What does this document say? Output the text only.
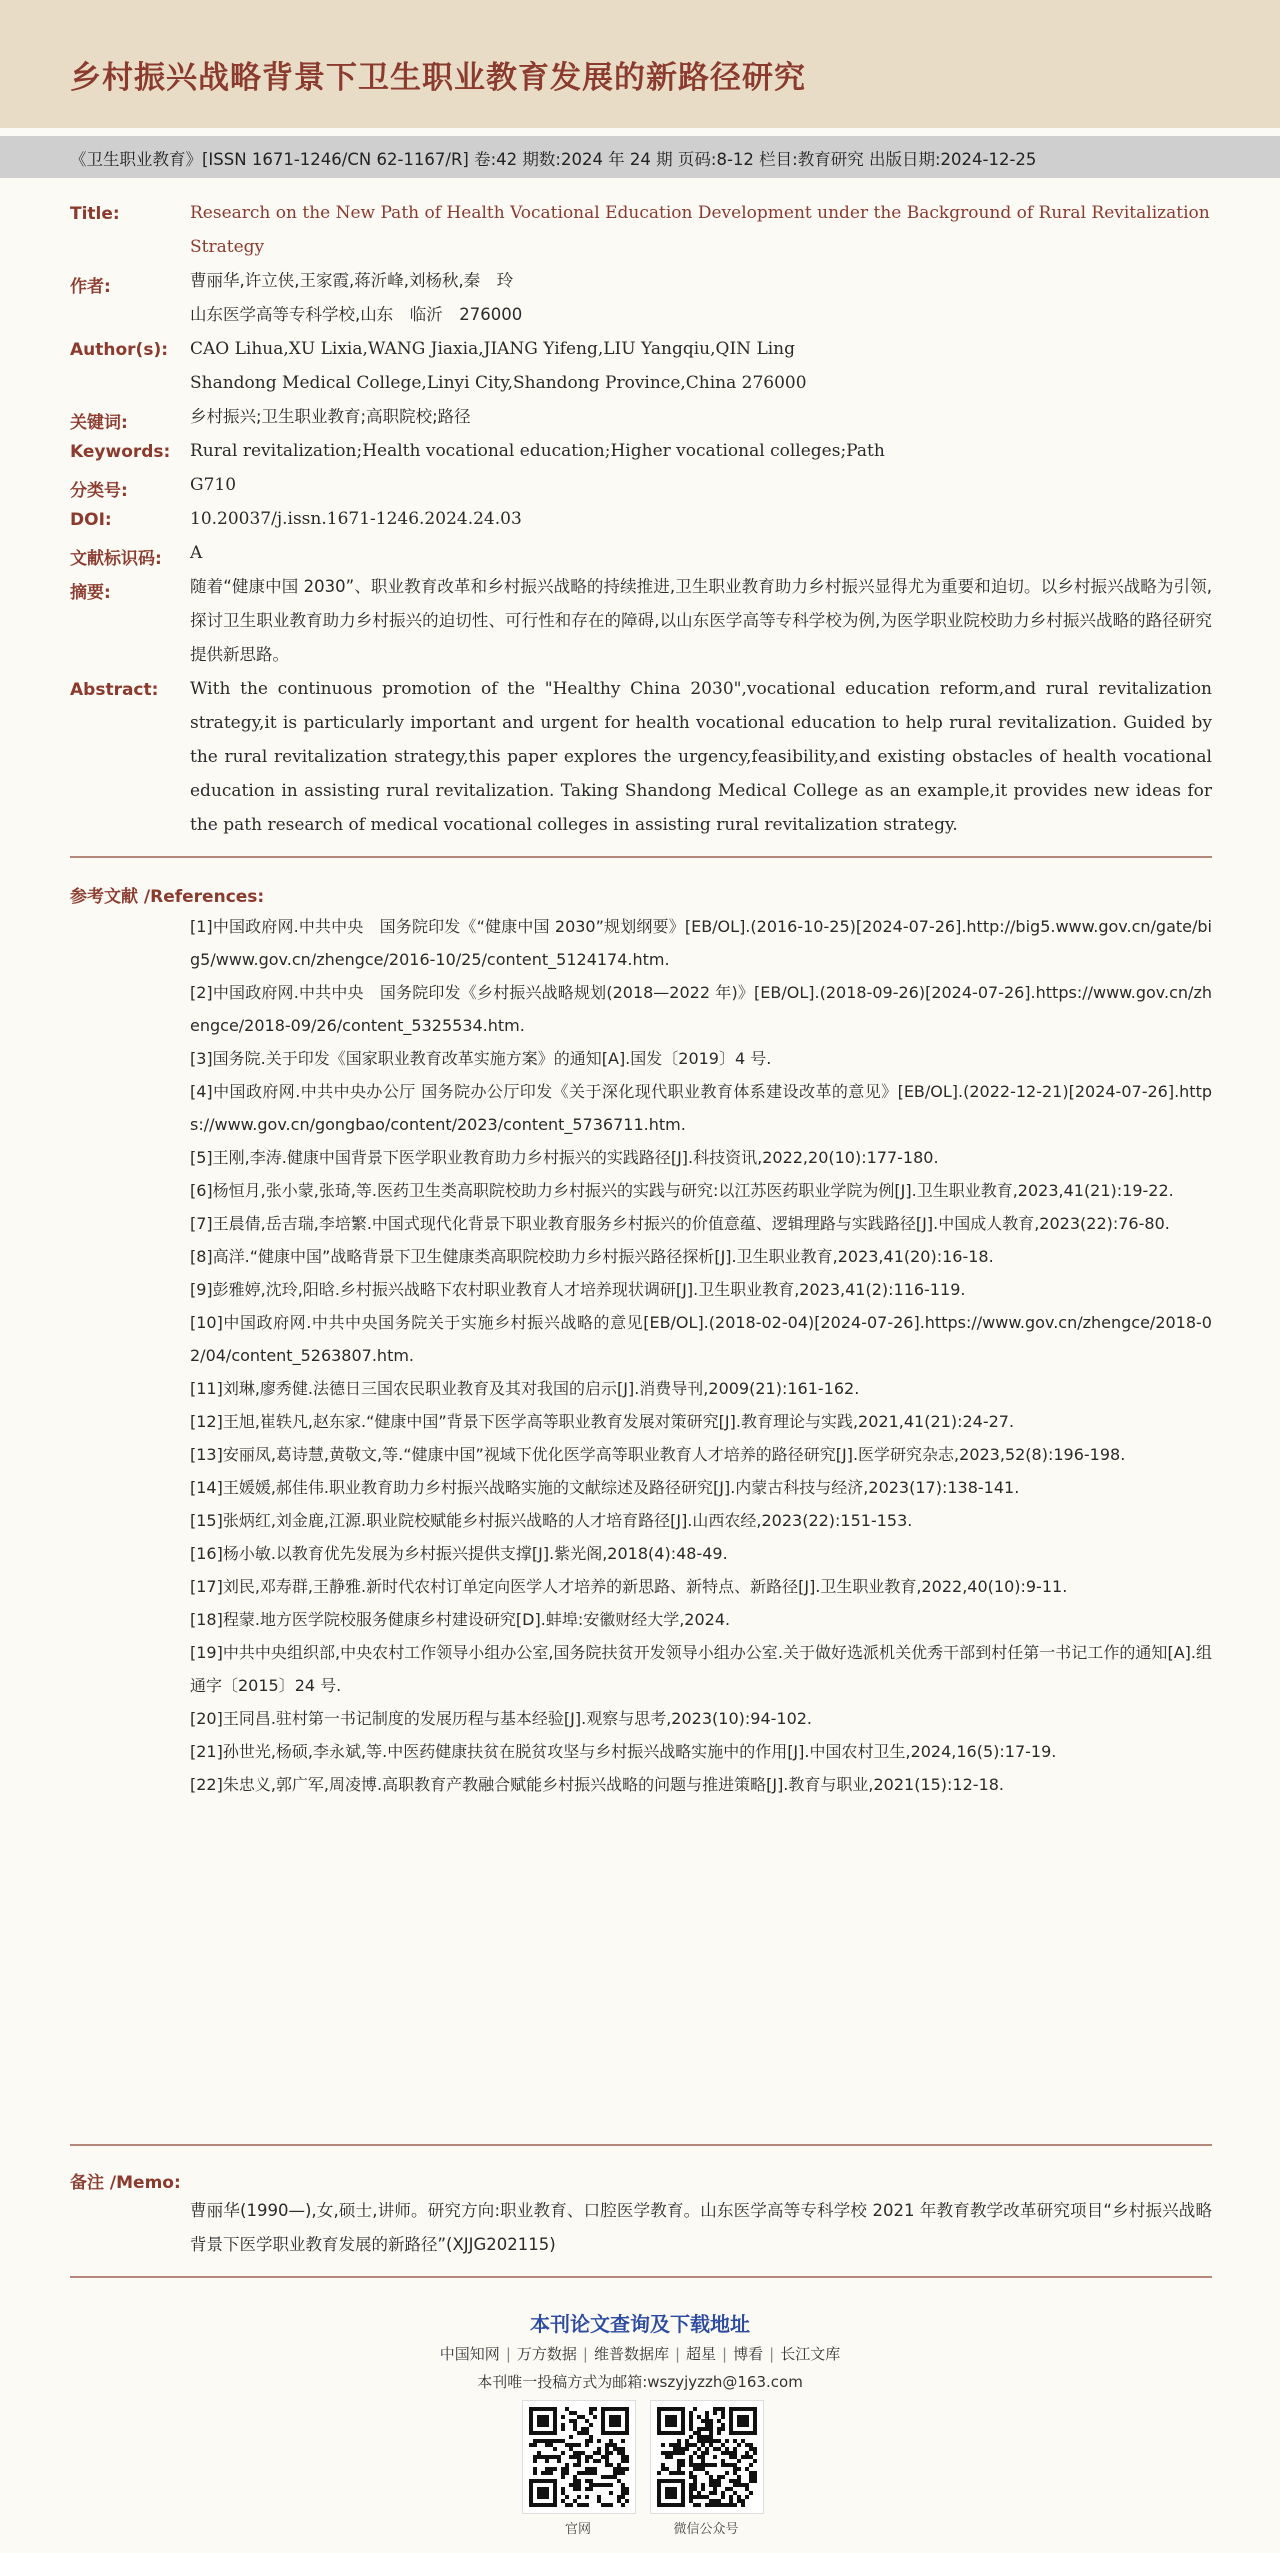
乡村振兴战略背景下卫生职业教育发展的新路径研究
《卫生职业教育》[ISSN 1671-1246/CN 62-1167/R] 卷:42 期数:2024 年 24 期 页码:8-12 栏目:教育研究 出版日期:2024-12-25
Title:	Research on the New Path of Health Vocational Education Development under the Background of Rural Revitalization Strategy
作者:	曹丽华,许立侠,王家霞,蒋沂峰,刘杨秋,秦　玲
山东医学高等专科学校,山东　临沂　276000
Author(s): CAO Lihua,XU Lixia,WANG Jiaxia,JIANG Yifeng,LIU Yangqiu,QIN Ling
Shandong Medical College,Linyi City,Shandong Province,China 276000
关键词:	乡村振兴;卫生职业教育;高职院校;路径
Keywords: Rural revitalization;Health vocational education;Higher vocational colleges;Path
分类号:	G710
DOI:	10.20037/j.issn.1671-1246.2024.24.03
文献标识码: A
摘要:	随着“健康中国 2030”、职业教育改革和乡村振兴战略的持续推进,卫生职业教育助力乡村振兴显得尤为重要和迫切。以乡村振兴战略为引领,探讨卫生职业教育助力乡村振兴的迫切性、可行性和存在的障碍,以山东医学高等专科学校为例,为医学职业院校助力乡村振兴战略的路径研究提供新思路。
Abstract: With the continuous promotion of the "Healthy China 2030",vocational education reform,and rural revitalization strategy,it is particularly important and urgent for health vocational education to help rural revitalization. Guided by the rural revitalization strategy,this paper explores the urgency,feasibility,and existing obstacles of health vocational education in assisting rural revitalization. Taking Shandong Medical College as an example,it provides new ideas for the path research of medical vocational colleges in assisting rural revitalization strategy.
参考文献 /References:
[1]中国政府网.中共中央　国务院印发《“健康中国 2030”规划纲要》[EB/OL].(2016-10-25)[2024-07-26].http://big5.www.gov.cn/gate/big5/www.gov.cn/zhengce/2016-10/25/content_5124174.htm.
[2]中国政府网.中共中央　国务院印发《乡村振兴战略规划(2018—2022 年)》[EB/OL].(2018-09-26)[2024-07-26].https://www.gov.cn/zhengce/2018-09/26/content_5325534.htm.
[3]国务院.关于印发《国家职业教育改革实施方案》的通知[A].国发〔2019〕4 号.
[4]中国政府网.中共中央办公厅 国务院办公厅印发《关于深化现代职业教育体系建设改革的意见》[EB/OL].(2022-12-21)[2024-07-26].https://www.gov.cn/gongbao/content/2023/content_5736711.htm.
[5]王刚,李涛.健康中国背景下医学职业教育助力乡村振兴的实践路径[J].科技资讯,2022,20(10):177-180.
[6]杨恒月,张小蒙,张琦,等.医药卫生类高职院校助力乡村振兴的实践与研究:以江苏医药职业学院为例[J].卫生职业教育,2023,41(21):19-22.
[7]王晨倩,岳吉瑞,李培繁.中国式现代化背景下职业教育服务乡村振兴的价值意蕴、逻辑理路与实践路径[J].中国成人教育,2023(22):76-80.
[8]高洋.“健康中国”战略背景下卫生健康类高职院校助力乡村振兴路径探析[J].卫生职业教育,2023,41(20):16-18.
[9]彭雅婷,沈玲,阳晗.乡村振兴战略下农村职业教育人才培养现状调研[J].卫生职业教育,2023,41(2):116-119.
[10]中国政府网.中共中央国务院关于实施乡村振兴战略的意见[EB/OL].(2018-02-04)[2024-07-26].https://www.gov.cn/zhengce/2018-02/04/content_5263807.htm.
[11]刘琳,廖秀健.法德日三国农民职业教育及其对我国的启示[J].消费导刊,2009(21):161-162.
[12]王旭,崔轶凡,赵东家.“健康中国”背景下医学高等职业教育发展对策研究[J].教育理论与实践,2021,41(21):24-27.
[13]安丽凤,葛诗慧,黄敬文,等.“健康中国”视域下优化医学高等职业教育人才培养的路径研究[J].医学研究杂志,2023,52(8):196-198.
[14]王媛媛,郝佳伟.职业教育助力乡村振兴战略实施的文献综述及路径研究[J].内蒙古科技与经济,2023(17):138-141.
[15]张炳红,刘金鹿,江源.职业院校赋能乡村振兴战略的人才培育路径[J].山西农经,2023(22):151-153.
[16]杨小敏.以教育优先发展为乡村振兴提供支撑[J].紫光阁,2018(4):48-49.
[17]刘民,邓寿群,王静雅.新时代农村订单定向医学人才培养的新思路、新特点、新路径[J].卫生职业教育,2022,40(10):9-11.
[18]程蒙.地方医学院校服务健康乡村建设研究[D].蚌埠:安徽财经大学,2024.
[19]中共中央组织部,中央农村工作领导小组办公室,国务院扶贫开发领导小组办公室.关于做好选派机关优秀干部到村任第一书记工作的通知[A].组通字〔2015〕24 号.
[20]王同昌.驻村第一书记制度的发展历程与基本经验[J].观察与思考,2023(10):94-102.
[21]孙世光,杨硕,李永斌,等.中医药健康扶贫在脱贫攻坚与乡村振兴战略实施中的作用[J].中国农村卫生,2024,16(5):17-19.
[22]朱忠义,郭广军,周凌博.高职教育产教融合赋能乡村振兴战略的问题与推进策略[J].教育与职业,2021(15):12-18.
备注 /Memo:
曹丽华(1990—),女,硕士,讲师。研究方向:职业教育、口腔医学教育。山东医学高等专科学校 2021 年教育教学改革研究项目“乡村振兴战略背景下医学职业教育发展的新路径”(XJJG202115)
本刊论文查询及下载地址
中国知网 | 万方数据 | 维普数据库 | 超星 | 博看 | 长江文库
本刊唯一投稿方式为邮箱:wszyjyzzh@163.com
官网	微信公众号
